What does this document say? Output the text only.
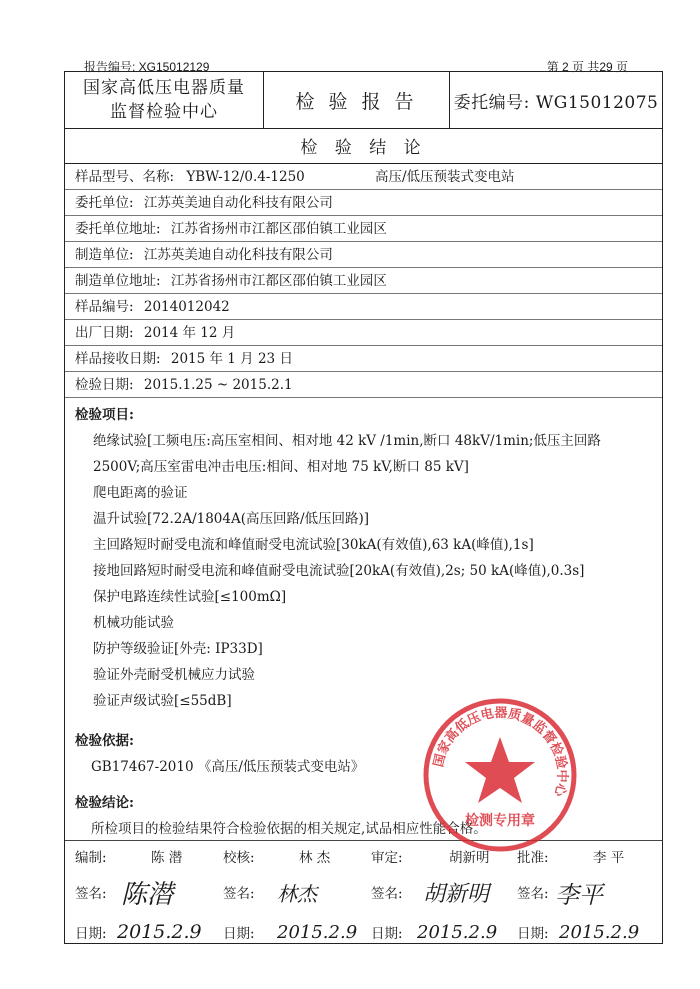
报告编号: XG15012129	第 2 页 共29 页
国家高低压电器质量
监督检验中心	检 验 报 告	委托编号: WG15012075
检 验 结 论
样品型号、名称: YBW-12/0.4-1250	高压/低压预装式变电站
委托单位: 江苏英美迪自动化科技有限公司
委托单位地址: 江苏省扬州市江都区邵伯镇工业园区
制造单位: 江苏英美迪自动化科技有限公司
制造单位地址: 江苏省扬州市江都区邵伯镇工业园区
样品编号: 2014012042
出厂日期: 2014 年 12 月
样品接收日期: 2015 年 1 月 23 日
检验日期: 2015.1.25 ~ 2015.2.1
检验项目:
绝缘试验[工频电压:高压室相间、相对地 42 kV /1min,断口 48kV/1min;低压主回路 2500V;高压室雷电冲击电压:相间、相对地 75 kV,断口 85 kV]
爬电距离的验证
温升试验[72.2A/1804A(高压回路/低压回路)]
主回路短时耐受电流和峰值耐受电流试验[30kA(有效值),63 kA(峰值),1s]
接地回路短时耐受电流和峰值耐受电流试验[20kA(有效值),2s; 50 kA(峰值),0.3s]
保护电路连续性试验[≤100mΩ]
机械功能试验
防护等级验证[外壳: IP33D]
验证外壳耐受机械应力试验
验证声级试验[≤55dB]
检验依据:
GB17467-2010 《高压/低压预装式变电站》
检验结论:
所检项目的检验结果符合检验依据的相关规定,试品相应性能合格。
编制:	陈 潜	校核:	林 杰	审定:	胡新明 批准:	李 平
签名: 陈潜	签名: 林杰	签名: 胡新明 签名: 李平
日期: 2015.2.9 日期: 2015.2.9 日期: 2015.2.9 日期: 2015.2.9
国家高低压电器质量监督检验中心
检测专用章
